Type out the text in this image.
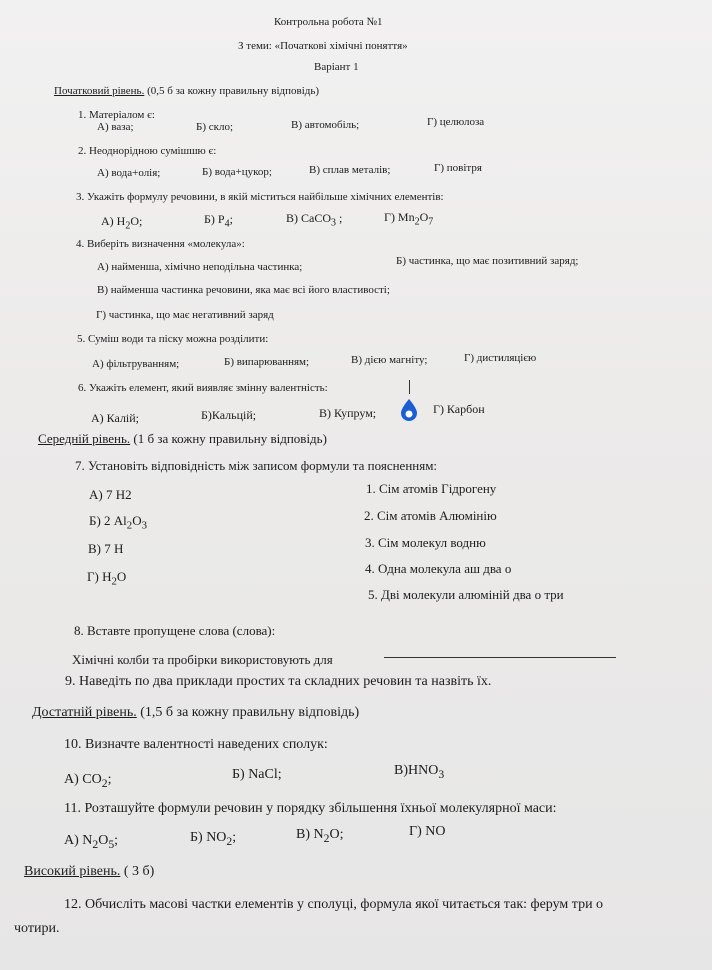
Контрольна робота №1
З теми: «Початкові хімічні поняття»
Варіант 1
Початковий рівень. (0,5 б за кожну правильну відповідь)
1. Матеріалом є:
А) ваза;	Б) скло;	В) автомобіль;	Г) целюлоза
2. Неоднорідною сумішшю є:
А) вода+олія;	Б) вода+цукор;	В) сплав металів;	Г) повітря
3. Укажіть формулу речовини, в якій міститься найбільше хімічних елементів:
А) $H_2O$;	Б) $P_4$;	В) CaCO$_3$ ;	Г) $Mn_2O_7$
4. Виберіть визначення «молекула»:
А) найменша, хімічно неподільна частинка;	Б) частинка, що має позитивний заряд;
В) найменша частинка речовини, яка має всі його властивості;
Г) частинка, що має негативний заряд
5. Суміш води та піску можна розділити:
А) фільтруванням;	Б) випарюванням;	В) дією магніту;	Г) дистиляцією
6. Укажіть елемент, який виявляє змінну валентність:
А) Калій;	Б)Кальцій;	В) Купрум;	Г) Карбон
Середній рівень. (1 б за кожну правильну відповідь)
7. Установіть відповідність між записом формули та поясненням:
А) 7 H2
Б) 2 $Al_2O_3$
В) 7 Н
Г) $H_2O$
1. Сім атомів Гідрогену
2. Сім атомів Алюмінію
3. Сім молекул водню
4. Одна молекула аш два о
5. Дві молекули алюміній два о три
8. Вставте пропущене слова (слова):
Хімічні колби та пробірки використовують для
9. Наведіть по два приклади простих та складних речовин та назвіть їх.
Достатній рівень. (1,5 б за кожну правильну відповідь)
10. Визначте валентності наведених сполук:
А) $CO_2$;	Б) NaCl;	$В)HNO_3$
11. Розташуйте формули речовин у порядку збільшення їхньої молекулярної маси:
А) $N_2O_5$;	Б) $NO_2$;	В) $N_2O$;	Г) NO
Високий рівень. ( 3 б)
12. Обчисліть масові частки елементів у сполуці, формула якої читається так: ферум три о
чотири.
